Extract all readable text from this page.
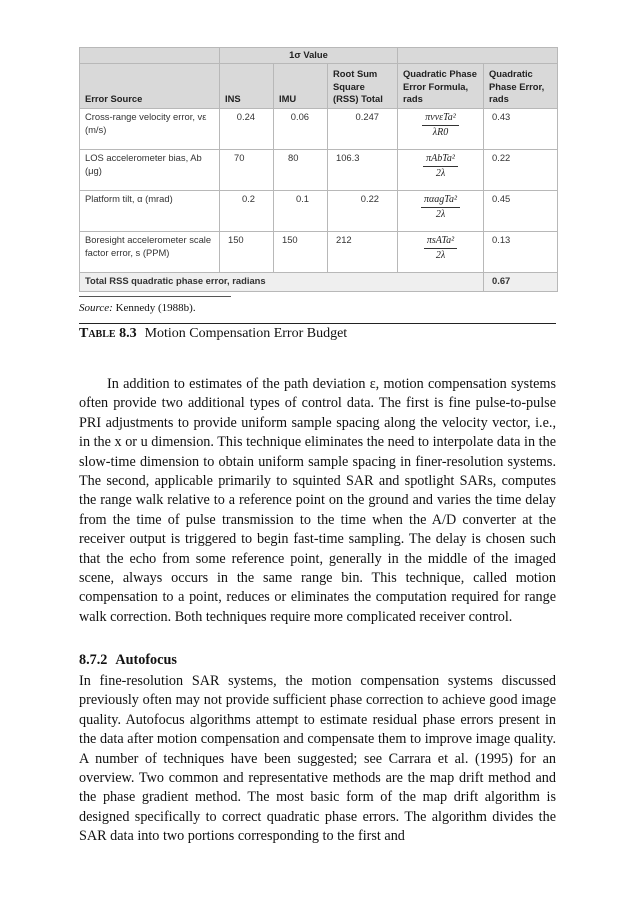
	1σ Value				
Error Source	INS	IMU	Root Sum Square (RSS) Total	Quadratic Phase Error Formula, rads	Quadratic Phase Error, rads
Cross-range velocity error, vε (m/s)	0.24	0.06	0.247	$\frac{\text{πvvεTa²}}{\lambda R0}$	0.43
LOS accelerometer bias, Ab (μg)	70	80	106.3	$\frac{\text{πAbTa²}}{2\lambda}$	0.22
Platform tilt, α (mrad)	0.2	0.1	0.22	$\frac{\text{παagTa²}}{2\lambda}$	0.45
Boresight accelerometer scale factor error, s (PPM)	150	150	212	$\frac{\text{πsATa²}}{2\lambda}$	0.13
Total RSS quadratic phase error, radians					0.67
Source: Kennedy (1988b).
Table 8.3 Motion Compensation Error Budget

In addition to estimates of the path deviation ε, motion compensation systems often provide two additional types of control data. The first is fine pulse-to-pulse PRI adjustments to provide uniform sample spacing along the velocity vector, i.e., in the x or u dimension. This technique eliminates the need to interpolate data in the slow-time dimension to obtain uniform sample spacing in finer-resolution systems. The second, applicable primarily to squinted SAR and spotlight SARs, computes the range walk relative to a reference point on the ground and varies the time delay from the time of pulse transmission to the time when the A/D converter at the receiver output is triggered to begin fast-time sampling. The delay is chosen such that the echo from some reference point, generally in the middle of the imaged scene, always occurs in the same range bin. This technique, called motion compensation to a point, reduces or eliminates the computation required for range walk correction. Both techniques require more complicated receiver control.

8.7.2 Autofocus

In fine-resolution SAR systems, the motion compensation systems discussed previously often may not provide sufficient phase correction to achieve good image quality. Autofocus algorithms attempt to estimate residual phase errors present in the data after motion compensation and compensate them to improve image quality. A number of techniques have been suggested; see Carrara et al. (1995) for an overview. Two common and representative methods are the map drift method and the phase gradient method. The most basic form of the map drift algorithm is designed specifically to correct quadratic phase errors. The algorithm divides the SAR data into two portions corresponding to the first and
